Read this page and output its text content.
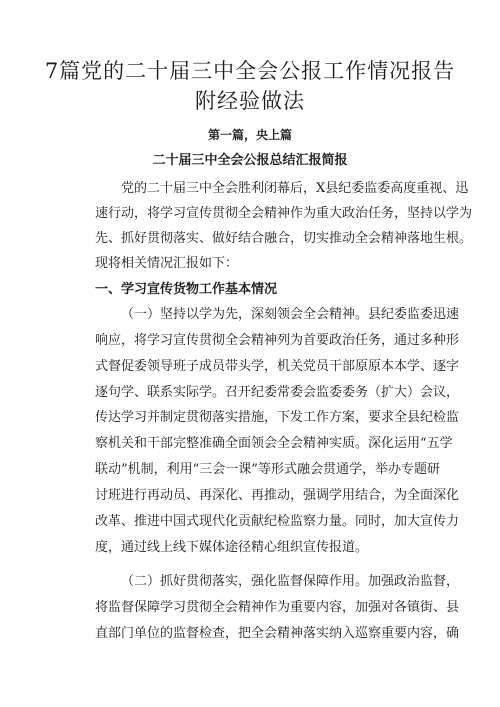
7篇党的二十届三中全会公报工作情况报告
附经验做法

第一篇，央上篇

二十届三中全会公报总结汇报简报

党的二十届三中全会胜利闭幕后，X县纪委监委高度重视、迅
速行动，将学习宣传贯彻全会精神作为重大政治任务，坚持以学为
先、抓好贯彻落实、做好结合融合，切实推动全会精神落地生根。
现将相关情况汇报如下：
一、学习宣传货物工作基本情况
（一）坚持以学为先，深刻领会全会精神。县纪委监委迅速
响应，将学习宣传贯彻全会精神列为首要政治任务，通过多种形
式督促委领导班子成员带头学，机关党员干部原原本本学、逐字
逐句学、联系实际学。召开纪委常委会监委委务（扩大）会议，
传达学习并制定贯彻落实措施，下发工作方案，要求全县纪检监
察机关和干部完整准确全面领会全会精神实质。深化运用“五学
联动”机制，利用“三会一课”等形式融会贯通学，举办专题研
讨班进行再动员、再深化、再推动，强调学用结合，为全面深化
改革、推进中国式现代化贡献纪检监察力量。同时，加大宣传力
度，通过线上线下媒体途径精心组织宣传报道。
（二）抓好贯彻落实，强化监督保障作用。加强政治监督，
将监督保障学习贯彻全会精神作为重要内容，加强对各镇街、县
直部门单位的监督检查，把全会精神落实纳入巡察重要内容，确
